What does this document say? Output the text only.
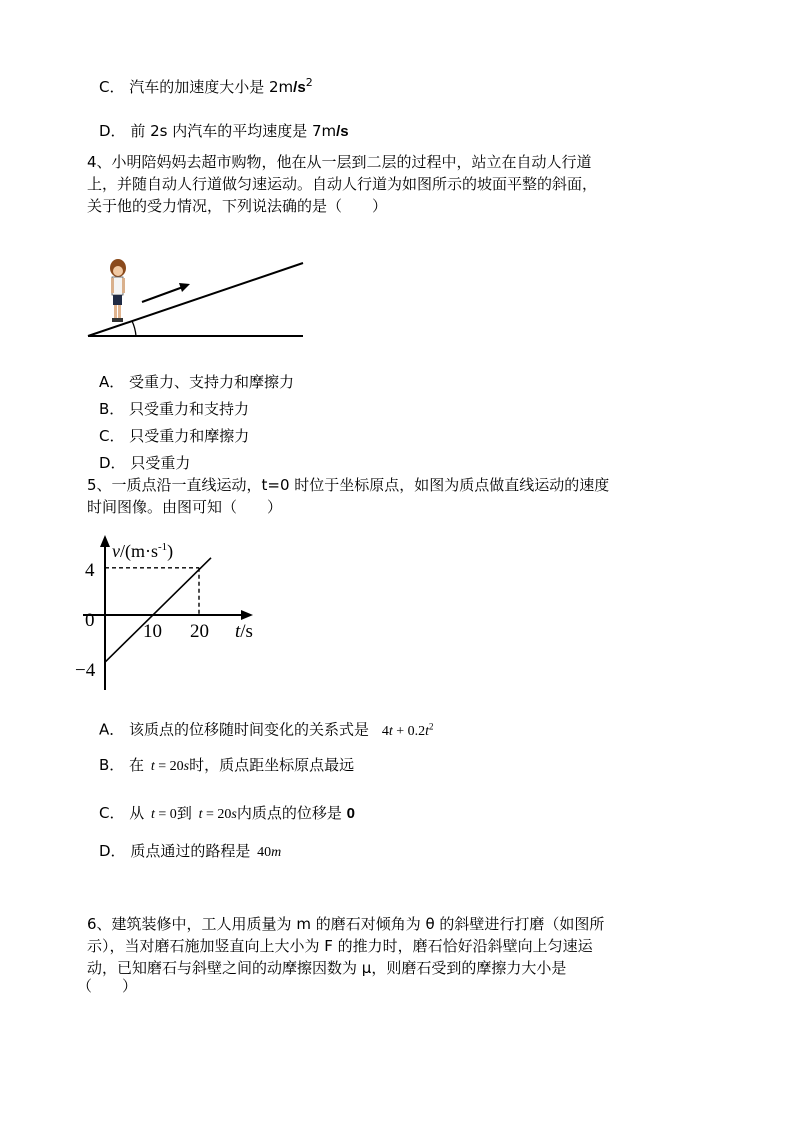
C． 汽车的加速度大小是 $2m/s^2$
D． 前 2s 内汽车的平均速度是 7m/s
4、小明陪妈妈去超市购物，他在从一层到二层的过程中，站立在自动人行道
上，并随自动人行道做匀速运动。自动人行道为如图所示的坡面平整的斜面，
关于他的受力情况，下列说法确的是（　　）
A． 受重力、支持力和摩擦力
B． 只受重力和支持力
C． 只受重力和摩擦力
D． 只受重力
5、一质点沿一直线运动，t=0 时位于坐标原点，如图为质点做直线运动的速度
时间图像。由图可知（　　）
$v/(m\cdot s^{-1})$
t/s
4
0
−4
10 20
A． 该质点的位移随时间变化的关系式是 $4t + 0.2t^2$
B． 在 t = 20s时，质点距坐标原点最远
C． 从 t = 0到 t = 20s内质点的位移是 0
D． 质点通过的路程是 40m
6、建筑装修中，工人用质量为 m 的磨石对倾角为 θ 的斜壁进行打磨（如图所
示），当对磨石施加竖直向上大小为 F 的推力时，磨石恰好沿斜壁向上匀速运
动，已知磨石与斜壁之间的动摩擦因数为 μ，则磨石受到的摩擦力大小是
（　　）
